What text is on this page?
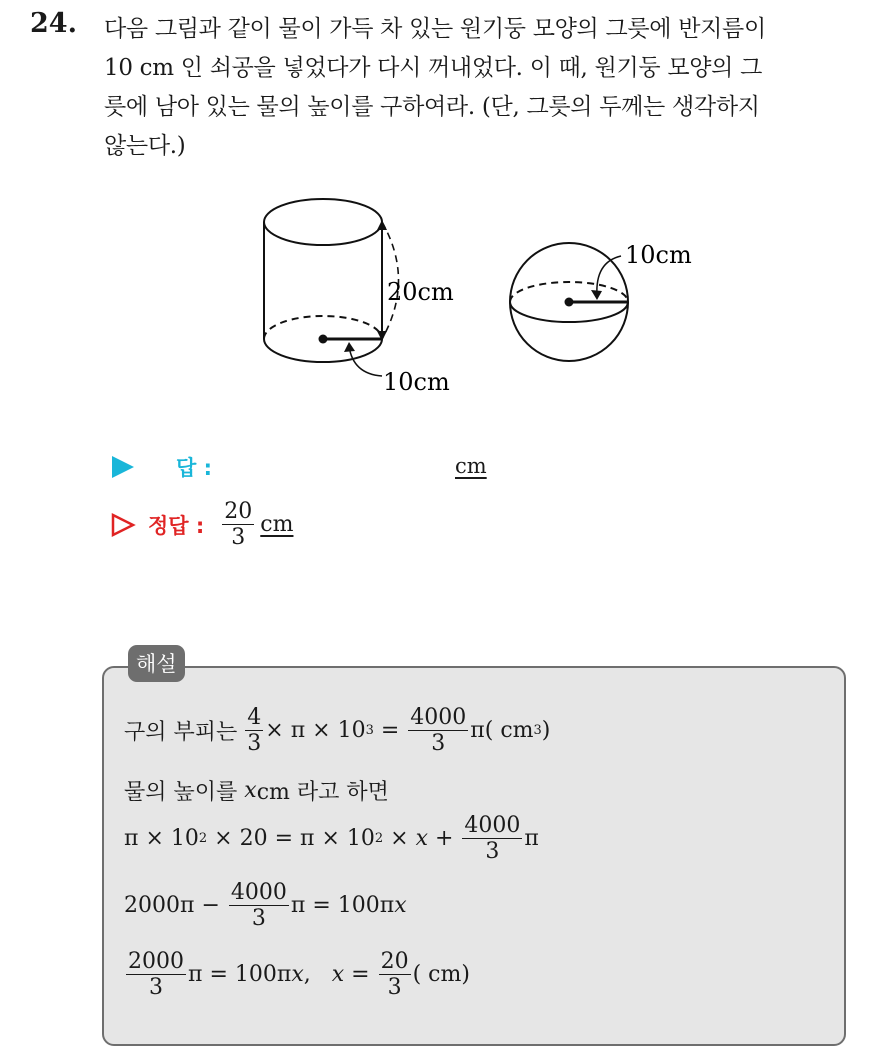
24. 다음 그림과 같이 물이 가득 차 있는 원기둥 모양의 그릇에 반지름이
10 cm 인 쇠공을 넣었다가 다시 꺼내었다. 이 때, 원기둥 모양의 그
릇에 남아 있는 물의 높이를 구하여라. (단, 그릇의 두께는 생각하지
않는다.)
20cm
10cm
10cm
답 :	cm
정답 : $\frac{20}{3}$ cm
해설
구의 부피는 $\frac{4}{3} \times \pi \times 10$ $3 = \frac{4000}{3} \pi$( cm 3 )
물의 높이를
x cm 라고 하면
π × 10 2 × 20 = π × 10 $2 \times x + \frac{4000}{3}$ π
$2000\pi - \frac{4000}{3}$ π = 100π x
$\frac{2000}{3}$ π = 100π x , $x = \frac{20}{3}$ ( cm)
